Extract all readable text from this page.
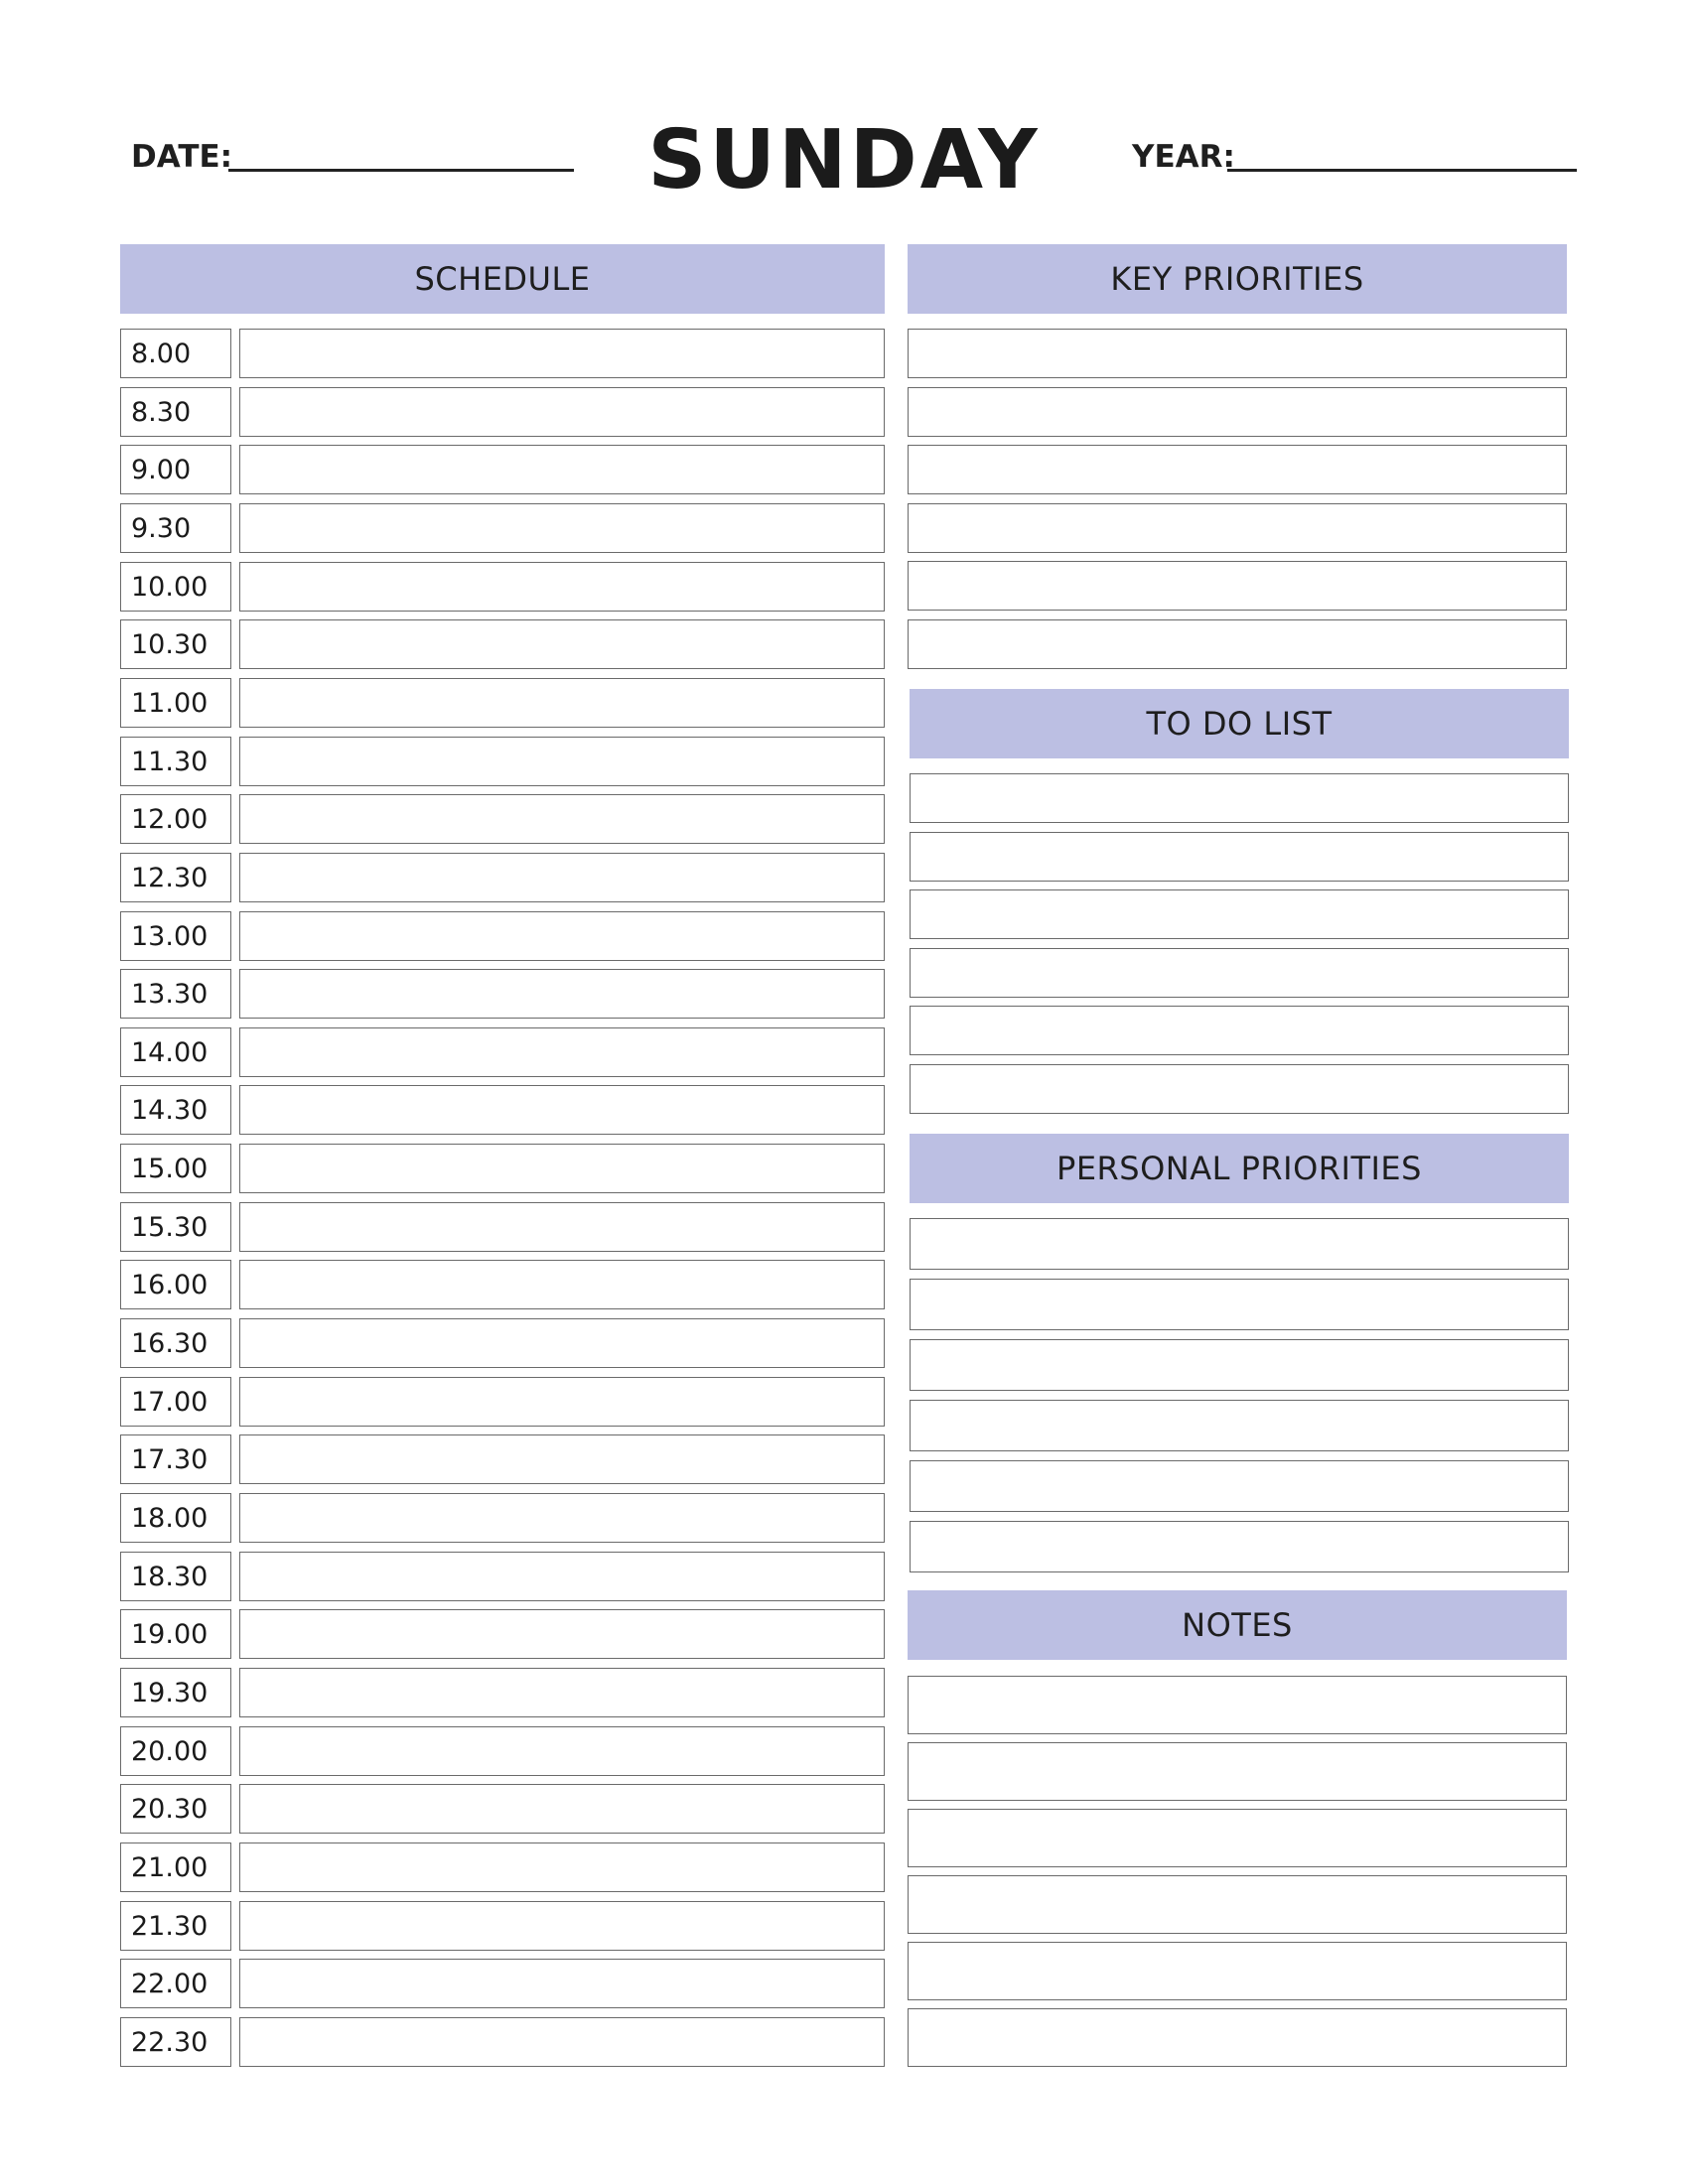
DATE:	SUNDAY	YEAR:
SCHEDULE
8.00
8.30
9.00
9.30
10.00
10.30
11.00
11.30
12.00
12.30
13.00
13.30
14.00
14.30
15.00
15.30
16.00
16.30
17.00
17.30
18.00
18.30
19.00
19.30
20.00
20.30
21.00
21.30
22.00
22.30
KEY PRIORITIES
TO DO LIST
PERSONAL PRIORITIES
NOTES
